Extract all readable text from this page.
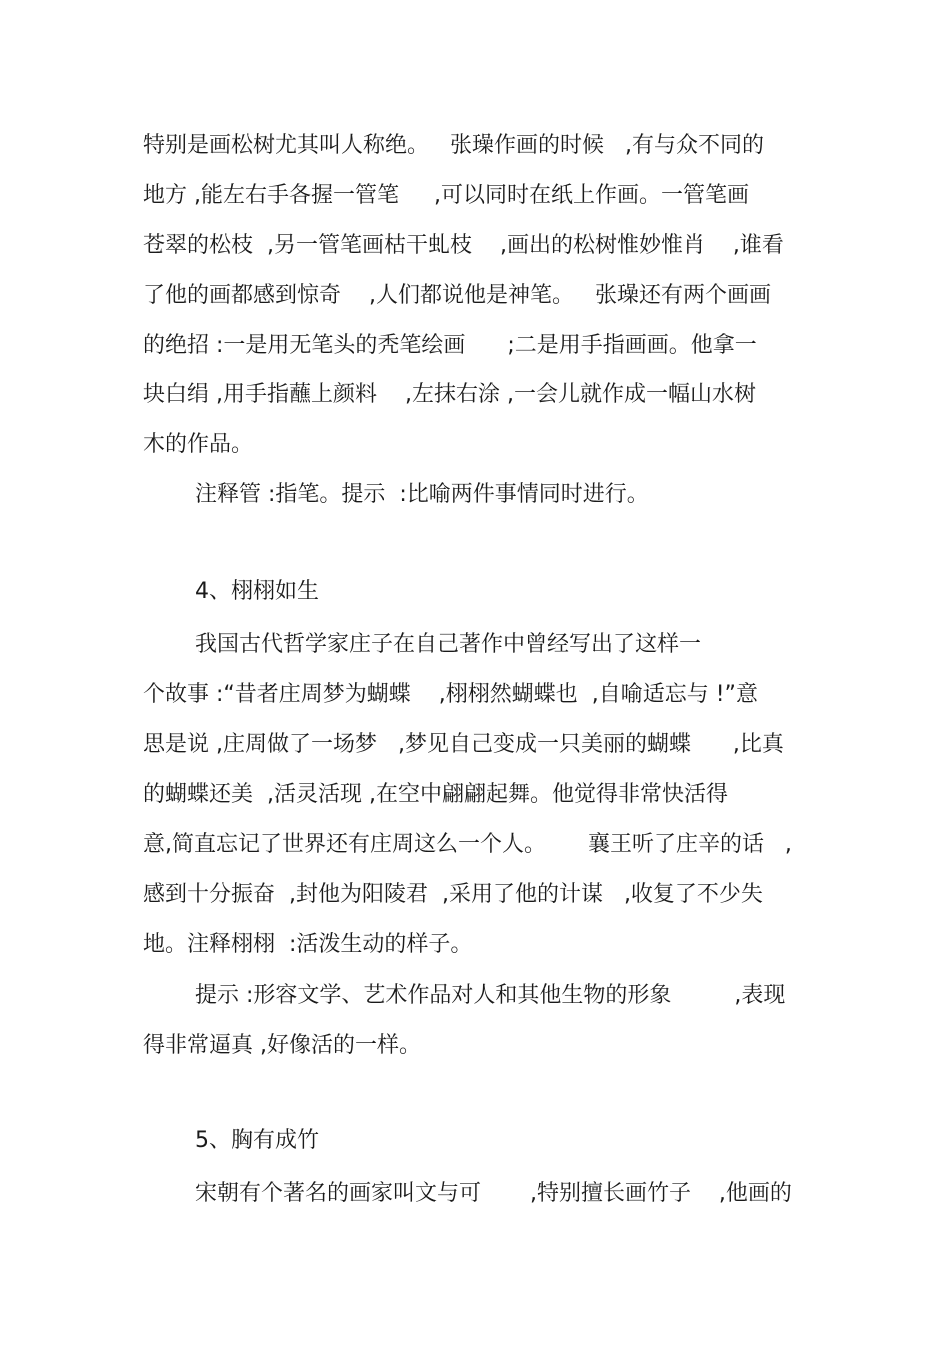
特别是画松树尤其叫人称绝。   张璪作画的时候   ,有与众不同的
地方 ,能左右手各握一管笔     ,可以同时在纸上作画。一管笔画
苍翠的松枝  ,另一管笔画枯干虬枝    ,画出的松树惟妙惟肖    ,谁看
了他的画都感到惊奇    ,人们都说他是神笔。   张璪还有两个画画
的绝招 :一是用无笔头的秃笔绘画      ;二是用手指画画。他拿一
块白绢 ,用手指蘸上颜料    ,左抹右涂 ,一会儿就作成一幅山水树
木的作品。
注释管 :指笔。提示  :比喻两件事情同时进行。
4、栩栩如生
我国古代哲学家庄子在自己著作中曾经写出了这样一
个故事 :“昔者庄周梦为蝴蝶    ,栩栩然蝴蝶也  ,自喻适忘与 !”意
思是说 ,庄周做了一场梦   ,梦见自己变成一只美丽的蝴蝶      ,比真
的蝴蝶还美  ,活灵活现 ,在空中翩翩起舞。他觉得非常快活得
意,简直忘记了世界还有庄周这么一个人。      襄王听了庄辛的话   ,
感到十分振奋  ,封他为阳陵君  ,采用了他的计谋   ,收复了不少失
地。注释栩栩  :活泼生动的样子。
提示 :形容文学、艺术作品对人和其他生物的形象         ,表现
得非常逼真 ,好像活的一样。
5、胸有成竹
宋朝有个著名的画家叫文与可       ,特别擅长画竹子    ,他画的
